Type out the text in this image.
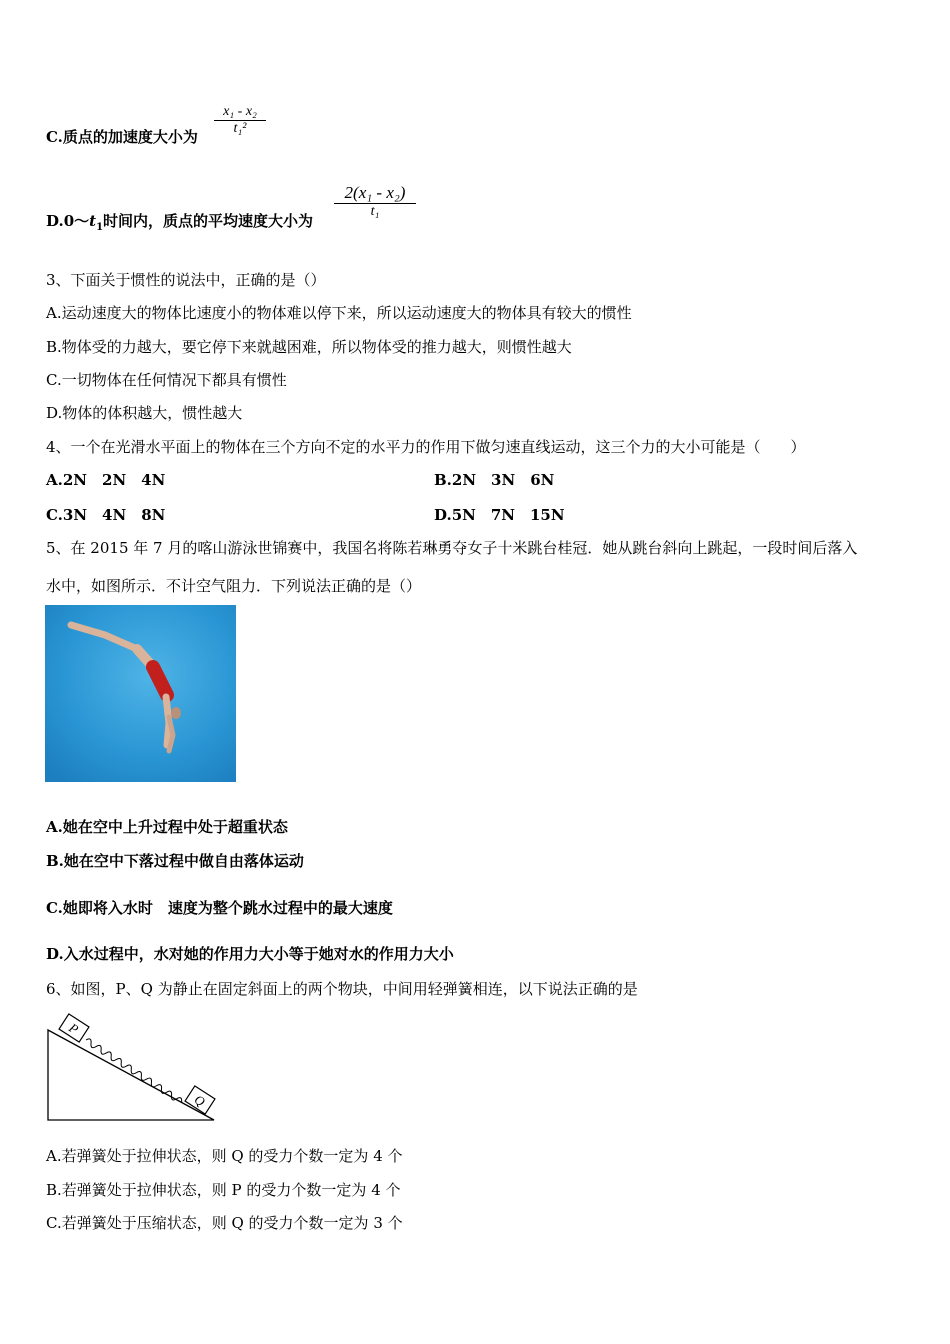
C.质点的加速度大小为
x₁ - x₂
t₁²
$D.0\sim t_1$时间内，质点的平均速度大小为
2(x₁ - x₂)
t₁
3、下面关于惯性的说法中，正确的是（）
A.运动速度大的物体比速度小的物体难以停下来，所以运动速度大的物体具有较大的惯性
B.物体受的力越大，要它停下来就越困难，所以物体受的推力越大，则惯性越大
C.一切物体在任何情况下都具有惯性
D.物体的体积越大，惯性越大
4、一个在光滑水平面上的物体在三个方向不定的水平力的作用下做匀速直线运动，这三个力的大小可能是（　　）
A.2N　2N　4N	B.2N　3N　6N
C.3N　4N　8N	D.5N　7N　15N
5、在 2015 年 7 月的喀山游泳世锦赛中，我国名将陈若琳勇夺女子十米跳台桂冠．她从跳台斜向上跳起，一段时间后落入
水中，如图所示．不计空气阻力．下列说法正确的是（）
A.她在空中上升过程中处于超重状态
B.她在空中下落过程中做自由落体运动
C.她即将入水时　速度为整个跳水过程中的最大速度
D.入水过程中，水对她的作用力大小等于她对水的作用力大小
6、如图，P、Q 为静止在固定斜面上的两个物块，中间用轻弹簧相连，以下说法正确的是
P
Q
A.若弹簧处于拉伸状态，则 Q 的受力个数一定为 4 个
B.若弹簧处于拉伸状态，则 P 的受力个数一定为 4 个
C.若弹簧处于压缩状态，则 Q 的受力个数一定为 3 个
